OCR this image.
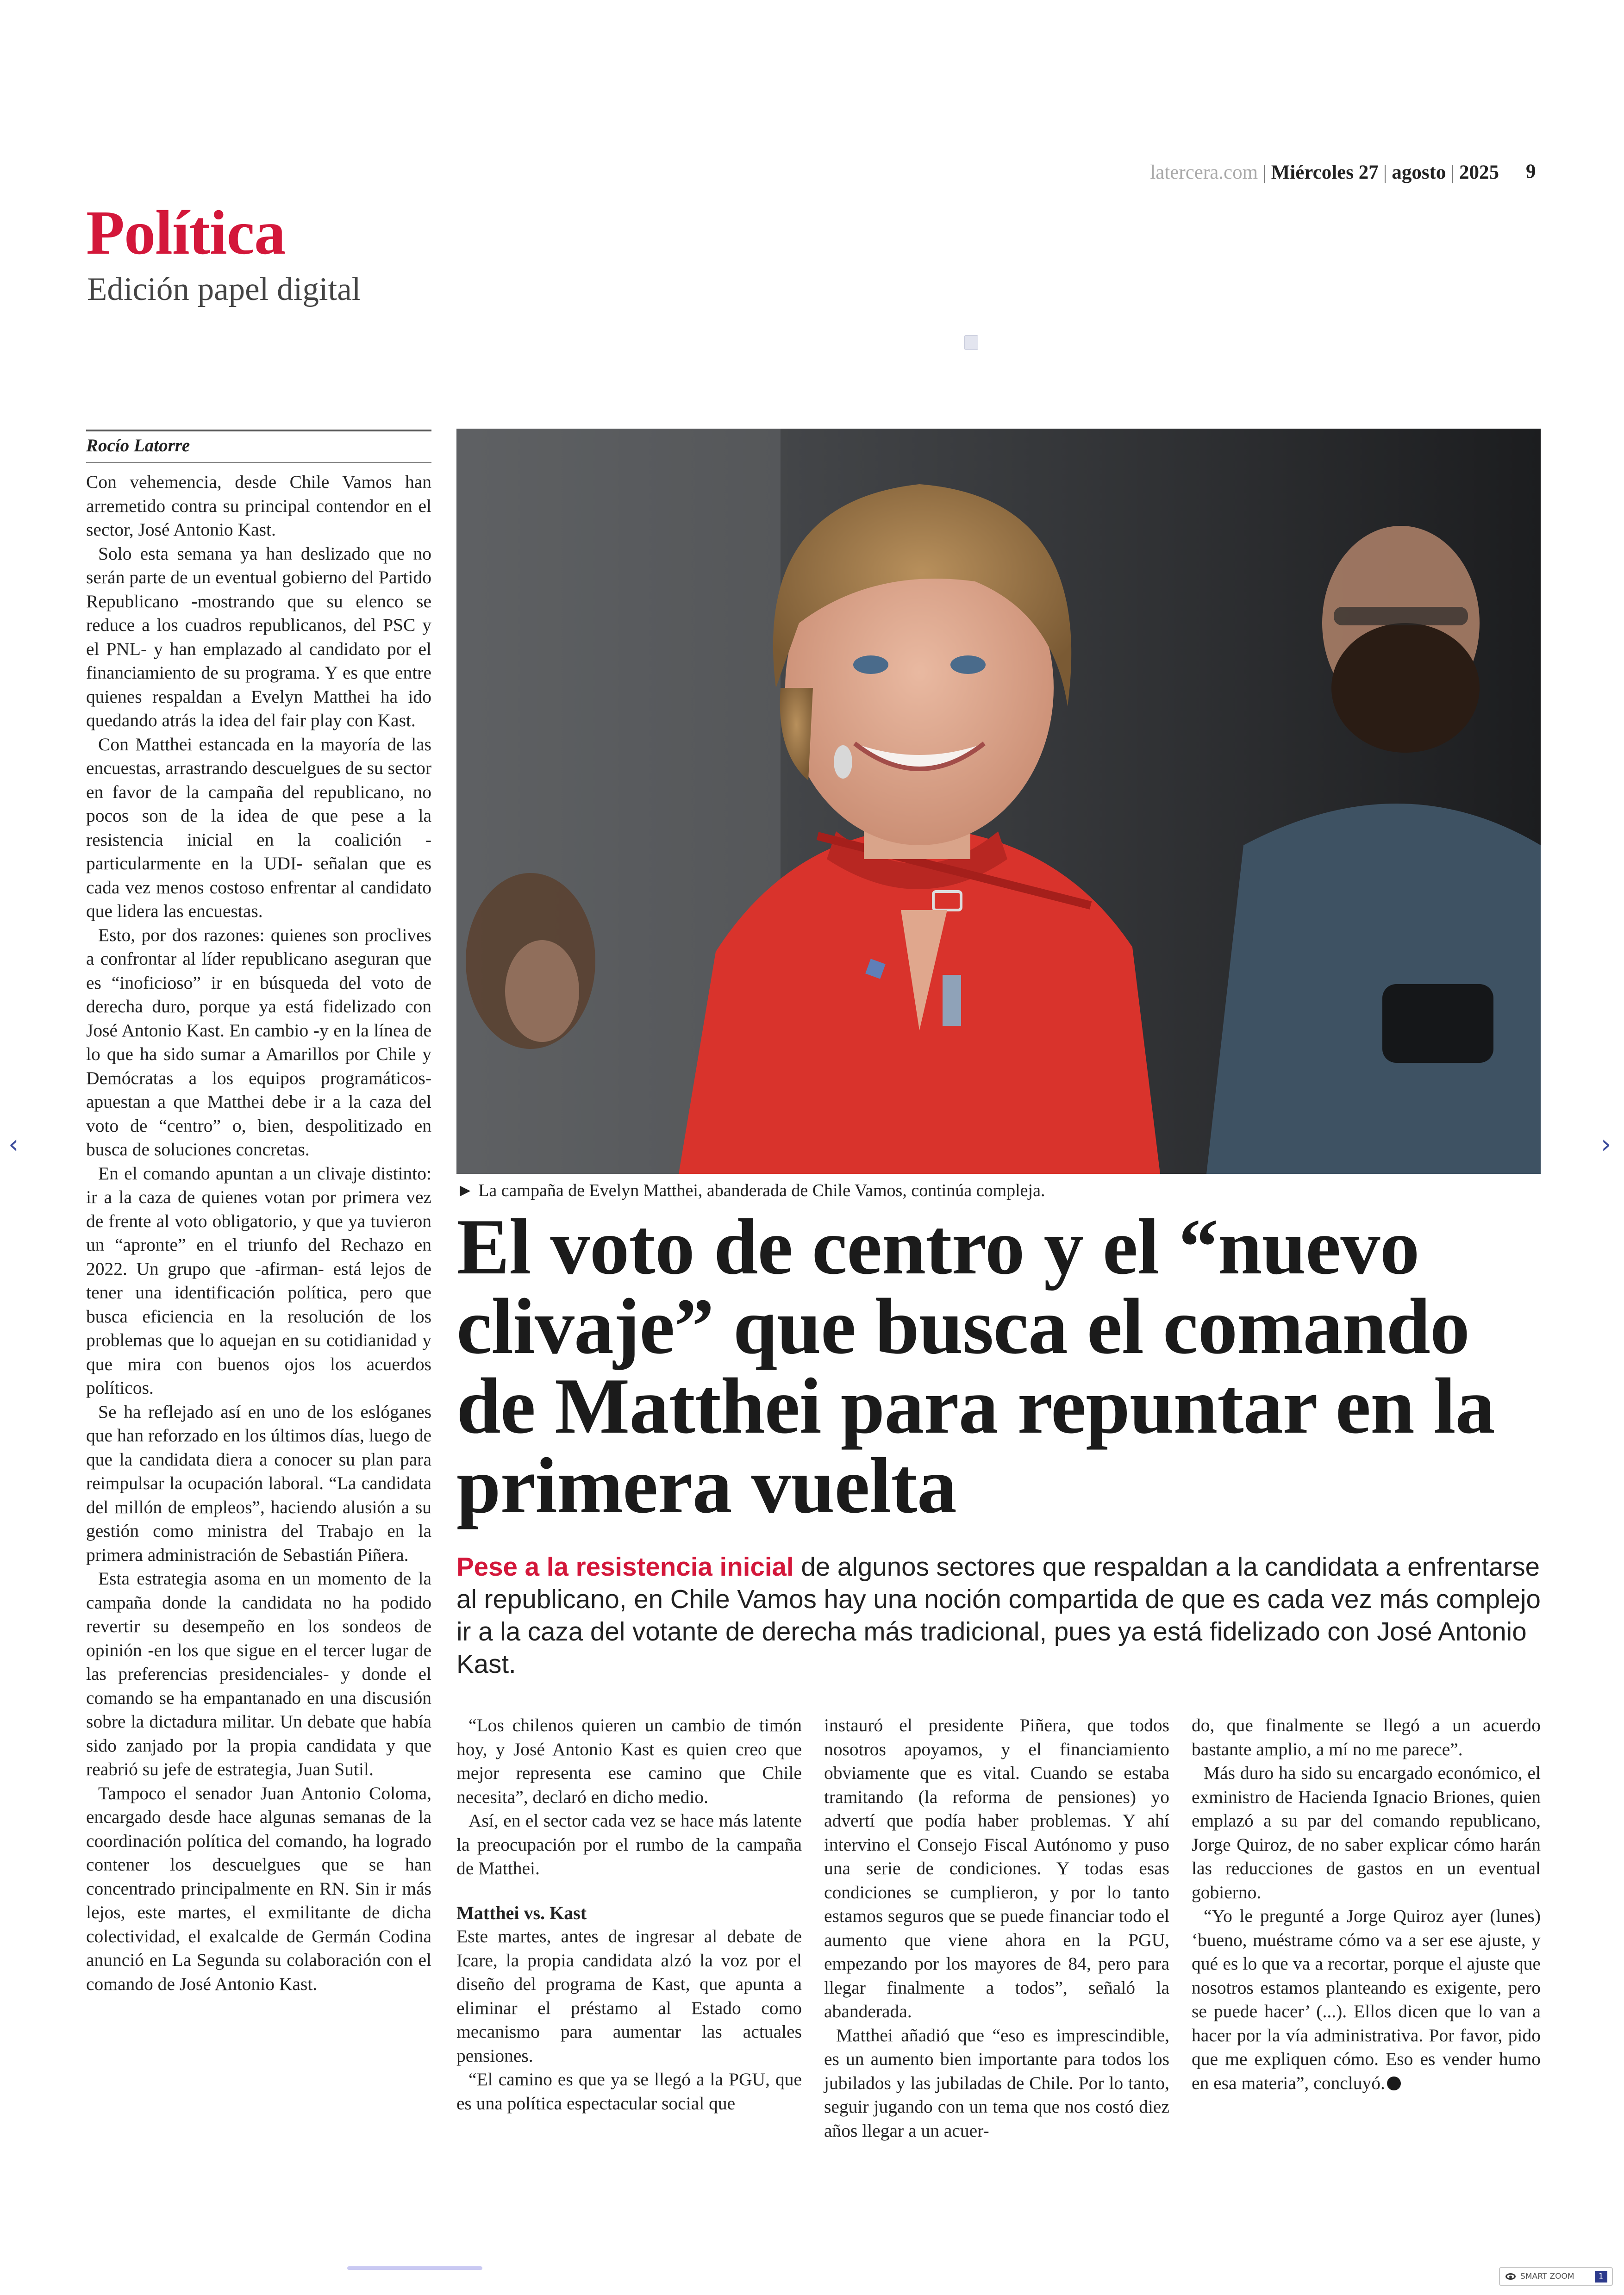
latercera.com | Miércoles 27 | agosto | 2025 9
Política
Edición papel digital
Rocío Latorre

Con vehemencia, desde Chile Vamos han arremetido contra su principal contendor en el sector, José Antonio Kast.

Solo esta semana ya han deslizado que no serán parte de un eventual gobierno del Partido Republicano -mostrando que su elenco se reduce a los cuadros republicanos, del PSC y el PNL- y han emplazado al candidato por el financiamiento de su programa. Y es que entre quienes respaldan a Evelyn Matthei ha ido quedando atrás la idea del fair play con Kast.

Con Matthei estancada en la mayoría de las encuestas, arrastrando descuelgues de su sector en favor de la campaña del republicano, no pocos son de la idea de que pese a la resistencia inicial en la coalición -particularmente en la UDI- señalan que es cada vez menos costoso enfrentar al candidato que lidera las encuestas.

Esto, por dos razones: quienes son proclives a confrontar al líder republicano aseguran que es “inoficioso” ir en búsqueda del voto de derecha duro, porque ya está fidelizado con José Antonio Kast. En cambio -y en la línea de lo que ha sido sumar a Amarillos por Chile y Demócratas a los equipos programáticos- apuestan a que Matthei debe ir a la caza del voto de “centro” o, bien, despolitizado en busca de soluciones concretas.

En el comando apuntan a un clivaje distinto: ir a la caza de quienes votan por primera vez de frente al voto obligatorio, y que ya tuvieron un “apronte” en el triunfo del Rechazo en 2022. Un grupo que -afirman- está lejos de tener una identificación política, pero que busca eficiencia en la resolución de los problemas que lo aquejan en su cotidianidad y que mira con buenos ojos los acuerdos políticos.

Se ha reflejado así en uno de los eslóganes que han reforzado en los últimos días, luego de que la candidata diera a conocer su plan para reimpulsar la ocupación laboral. “La candidata del millón de empleos”, haciendo alusión a su gestión como ministra del Trabajo en la primera administración de Sebastián Piñera.

Esta estrategia asoma en un momento de la campaña donde la candidata no ha podido revertir su desempeño en los sondeos de opinión -en los que sigue en el tercer lugar de las preferencias presidenciales- y donde el comando se ha empantanado en una discusión sobre la dictadura militar. Un debate que había sido zanjado por la propia candidata y que reabrió su jefe de estrategia, Juan Sutil.

Tampoco el senador Juan Antonio Coloma, encargado desde hace algunas semanas de la coordinación política del comando, ha logrado contener los descuelgues que se han concentrado principalmente en RN. Sin ir más lejos, este martes, el exmilitante de dicha colectividad, el exalcalde de Germán Codina anunció en La Segunda su colaboración con el comando de José Antonio Kast.

► La campaña de Evelyn Matthei, abanderada de Chile Vamos, continúa compleja.
El voto de centro y el “nuevo clivaje” que busca el comando de Matthei para repuntar en la primera vuelta
Pese a la resistencia inicial de algunos sectores que respaldan a la candidata a enfrentarse al republicano, en Chile Vamos hay una noción compartida de que es cada vez más complejo ir a la caza del votante de derecha más tradicional, pues ya está fidelizado con José Antonio Kast.

“Los chilenos quieren un cambio de timón hoy, y José Antonio Kast es quien creo que mejor representa ese camino que Chile necesita”, declaró en dicho medio.

Así, en el sector cada vez se hace más latente la preocupación por el rumbo de la campaña de Matthei.

Matthei vs. Kast

Este martes, antes de ingresar al debate de Icare, la propia candidata alzó la voz por el diseño del programa de Kast, que apunta a eliminar el préstamo al Estado como mecanismo para aumentar las actuales pensiones.

“El camino es que ya se llegó a la PGU, que es una política espectacular social que

instauró el presidente Piñera, que todos nosotros apoyamos, y el financiamiento obviamente que es vital. Cuando se estaba tramitando (la reforma de pensiones) yo advertí que podía haber problemas. Y ahí intervino el Consejo Fiscal Autónomo y puso una serie de condiciones. Y todas esas condiciones se cumplieron, y por lo tanto estamos seguros que se puede financiar todo el aumento que viene ahora en la PGU, empezando por los mayores de 84, pero para llegar finalmente a todos”, señaló la abanderada.

Matthei añadió que “eso es imprescindible, es un aumento bien importante para todos los jubilados y las jubiladas de Chile. Por lo tanto, seguir jugando con un tema que nos costó diez años llegar a un acuer-

do, que finalmente se llegó a un acuerdo bastante amplio, a mí no me parece”.

Más duro ha sido su encargado económico, el exministro de Hacienda Ignacio Briones, quien emplazó a su par del comando republicano, Jorge Quiroz, de no saber explicar cómo harán las reducciones de gastos en un eventual gobierno.

“Yo le pregunté a Jorge Quiroz ayer (lunes) ‘bueno, muéstrame cómo va a ser ese ajuste, y qué es lo que va a recortar, porque el ajuste que nosotros estamos planteando es exigente, pero se puede hacer’ (...). Ellos dicen que lo van a hacer por la vía administrativa. Por favor, pido que me expliquen cómo. Eso es vender humo en esa materia”, concluyó.

‹	›
SMART ZOOM	1
